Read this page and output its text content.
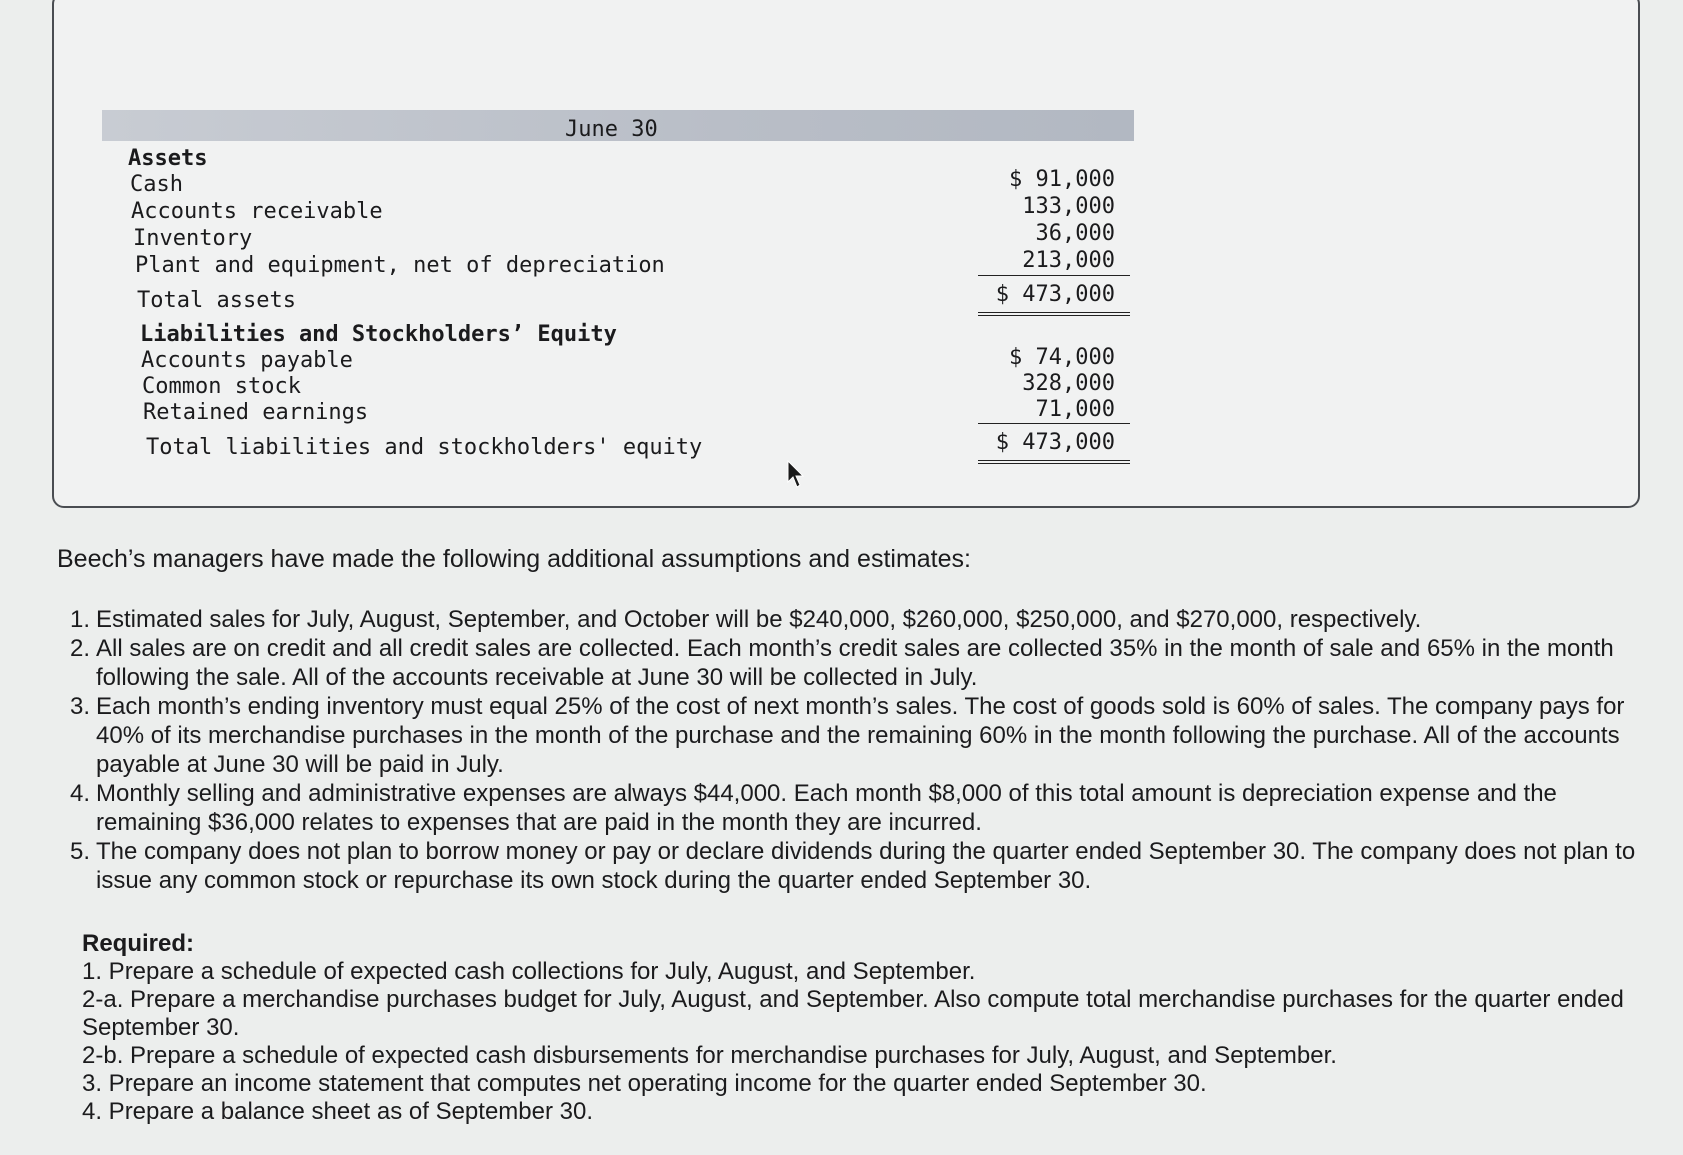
June 30
Assets
Cash	$ 91,000
Accounts receivable	133,000
Inventory	36,000
Plant and equipment, net of depreciation	213,000
Total assets	$ 473,000
Liabilities and Stockholders’ Equity
Accounts payable	$ 74,000
Common stock	328,000
Retained earnings	71,000
Total liabilities and stockholders' equity	$ 473,000
Beech’s managers have made the following additional assumptions and estimates:
1. Estimated sales for July, August, September, and October will be $240,000, $260,000, $250,000, and $270,000, respectively.
2. All sales are on credit and all credit sales are collected. Each month’s credit sales are collected 35% in the month of sale and 65% in the month following the sale. All of the accounts receivable at June 30 will be collected in July.
3. Each month’s ending inventory must equal 25% of the cost of next month’s sales. The cost of goods sold is 60% of sales. The company pays for 40% of its merchandise purchases in the month of the purchase and the remaining 60% in the month following the purchase. All of the accounts payable at June 30 will be paid in July.
4. Monthly selling and administrative expenses are always $44,000. Each month $8,000 of this total amount is depreciation expense and the remaining $36,000 relates to expenses that are paid in the month they are incurred.
5. The company does not plan to borrow money or pay or declare dividends during the quarter ended September 30. The company does not plan to issue any common stock or repurchase its own stock during the quarter ended September 30.
Required:
1. Prepare a schedule of expected cash collections for July, August, and September.
2-a. Prepare a merchandise purchases budget for July, August, and September. Also compute total merchandise purchases for the quarter ended September 30.
2-b. Prepare a schedule of expected cash disbursements for merchandise purchases for July, August, and September.
3. Prepare an income statement that computes net operating income for the quarter ended September 30.
4. Prepare a balance sheet as of September 30.
